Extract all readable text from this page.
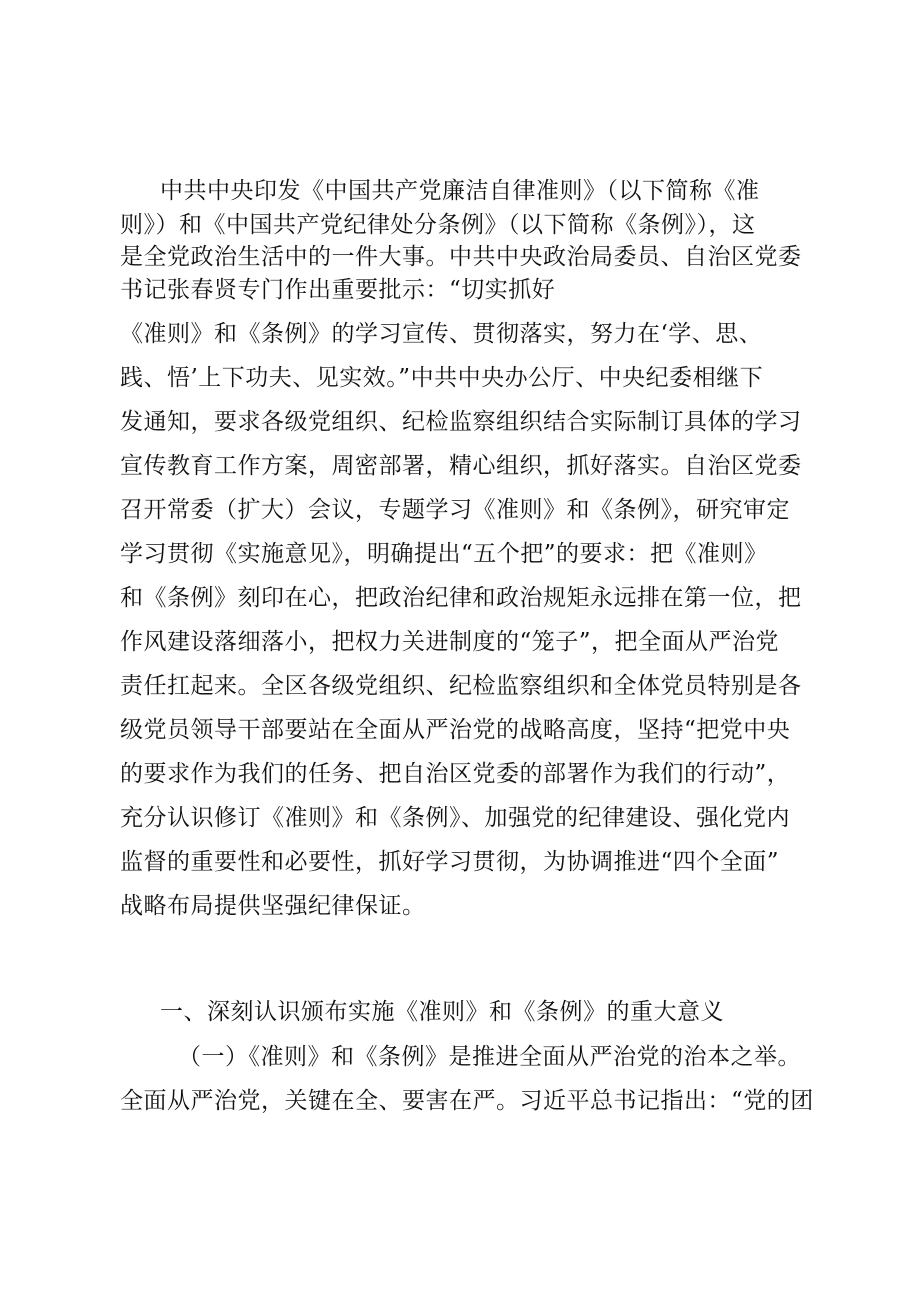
中共中央印发《中国共产党廉洁自律准则》（以下简称《准
则》）和《中国共产党纪律处分条例》（以下简称《条例》），这
是全党政治生活中的一件大事。中共中央政治局委员、自治区党委
书记张春贤专门作出重要批示：“切实抓好
《准则》和《条例》的学习宣传、贯彻落实，努力在‘学、思、
践、悟’上下功夫、见实效。”中共中央办公厅、中央纪委相继下
发通知，要求各级党组织、纪检监察组织结合实际制订具体的学习
宣传教育工作方案，周密部署，精心组织，抓好落实。自治区党委
召开常委（扩大）会议，专题学习《准则》和《条例》，研究审定
学习贯彻《实施意见》，明确提出“五个把”的要求：把《准则》
和《条例》刻印在心，把政治纪律和政治规矩永远排在第一位，把
作风建设落细落小，把权力关进制度的“笼子”，把全面从严治党
责任扛起来。全区各级党组织、纪检监察组织和全体党员特别是各
级党员领导干部要站在全面从严治党的战略高度，坚持“把党中央
的要求作为我们的任务、把自治区党委的部署作为我们的行动”，
充分认识修订《准则》和《条例》、加强党的纪律建设、强化党内
监督的重要性和必要性，抓好学习贯彻，为协调推进“四个全面”
战略布局提供坚强纪律保证。
一、深刻认识颁布实施《准则》和《条例》的重大意义
（一）《准则》和《条例》是推进全面从严治党的治本之举。
全面从严治党，关键在全、要害在严。习近平总书记指出：“党的团
